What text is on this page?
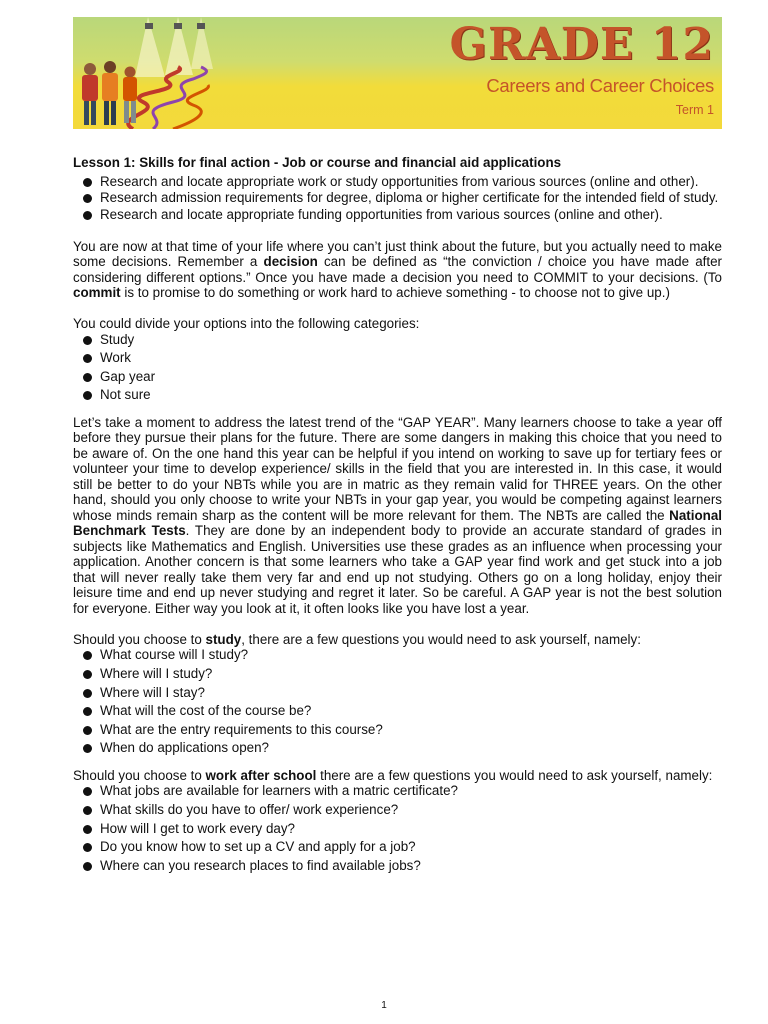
GRADE 12
Careers and Career Choices
Term 1
Lesson 1: Skills for final action - Job or course and financial aid applications
Research and locate appropriate work or study opportunities from various sources (online and other).
Research admission requirements for degree, diploma or higher certificate for the intended field of study.
Research and locate appropriate funding opportunities from various sources (online and other).

You are now at that time of your life where you can’t just think about the future, but you actually need to make some decisions. Remember a decision can be defined as “the conviction / choice you have made after considering different options.” Once you have made a decision you need to COMMIT to your decisions. (To commit is to promise to do something or work hard to achieve something - to choose not to give up.)

You could divide your options into the following categories:

Study
Work
Gap year
Not sure

Let’s take a moment to address the latest trend of the “GAP YEAR”. Many learners choose to take a year off before they pursue their plans for the future. There are some dangers in making this choice that you need to be aware of. On the one hand this year can be helpful if you intend on working to save up for tertiary fees or volunteer your time to develop experience/ skills in the field that you are interested in. In this case, it would still be better to do your NBTs while you are in matric as they remain valid for THREE years. On the other hand, should you only choose to write your NBTs in your gap year, you would be competing against learners whose minds remain sharp as the content will be more relevant for them. The NBTs are called the National Benchmark Tests. They are done by an independent body to provide an accurate standard of grades in subjects like Mathematics and English. Universities use these grades as an influence when processing your application. Another concern is that some learners who take a GAP year find work and get stuck into a job that will never really take them very far and end up not studying. Others go on a long holiday, enjoy their leisure time and end up never studying and regret it later. So be careful. A GAP year is not the best solution for everyone. Either way you look at it, it often looks like you have lost a year.

Should you choose to study, there are a few questions you would need to ask yourself, namely:

What course will I study?
Where will I study?
Where will I stay?
What will the cost of the course be?
What are the entry requirements to this course?
When do applications open?

Should you choose to work after school there are a few questions you would need to ask yourself, namely:

What jobs are available for learners with a matric certificate?
What skills do you have to offer/ work experience?
How will I get to work every day?
Do you know how to set up a CV and apply for a job?
Where can you research places to find available jobs?
1
